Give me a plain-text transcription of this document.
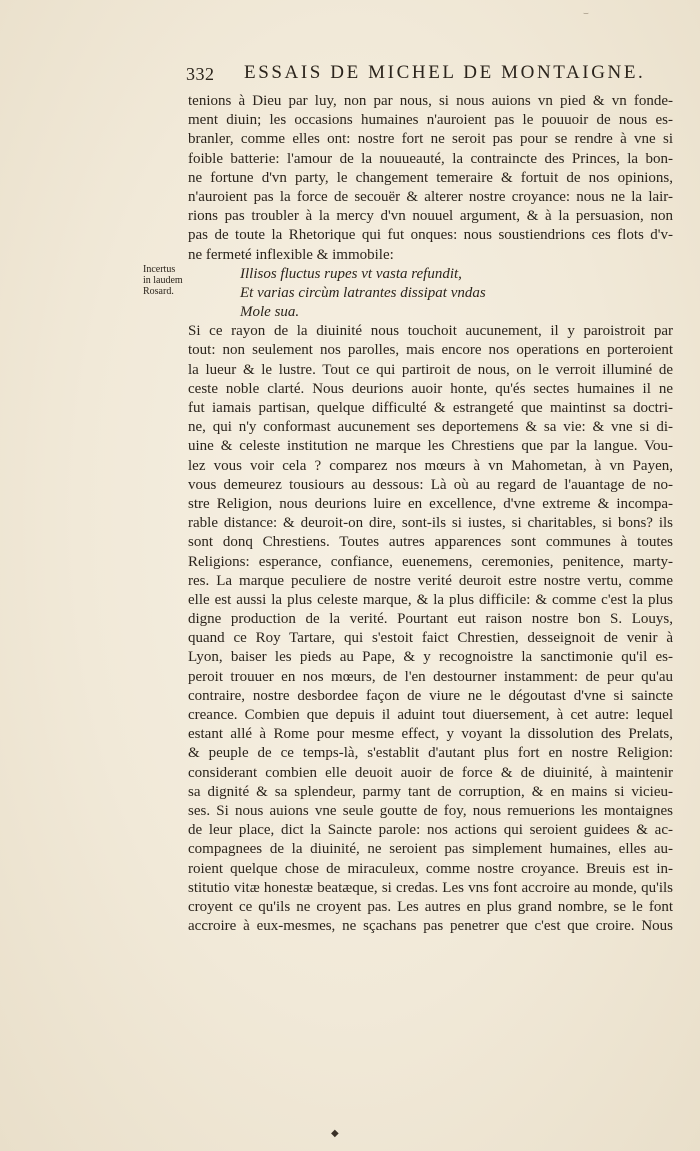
⌣
332 ESSAIS DE MICHEL DE MONTAIGNE.
Incertus
in laudem
Rosard.
tenions à Dieu par luy, non par nous, si nous auions vn pied & vn fonde-
ment diuin; les occasions humaines n'auroient pas le pouuoir de nous es-
branler, comme elles ont: nostre fort ne seroit pas pour se rendre à vne si
foible batterie: l'amour de la nouueauté, la contraincte des Princes, la bon-
ne fortune d'vn party, le changement temeraire & fortuit de nos opinions,
n'auroient pas la force de secouër & alterer nostre croyance: nous ne la lair-
rions pas troubler à la mercy d'vn nouuel argument, & à la persuasion, non
pas de toute la Rhetorique qui fut onques: nous soustiendrions ces flots d'v-
ne fermeté inflexible & immobile:
Illisos fluctus rupes vt vasta refundit,
Et varias circùm latrantes dissipat vndas
Mole sua.
Si ce rayon de la diuinité nous touchoit aucunement, il y paroistroit par
tout: non seulement nos parolles, mais encore nos operations en porteroient
la lueur & le lustre. Tout ce qui partiroit de nous, on le verroit illuminé de
ceste noble clarté. Nous deurions auoir honte, qu'és sectes humaines il ne
fut iamais partisan, quelque difficulté & estrangeté que maintinst sa doctri-
ne, qui n'y conformast aucunement ses deportemens & sa vie: & vne si di-
uine & celeste institution ne marque les Chrestiens que par la langue. Vou-
lez vous voir cela ? comparez nos mœurs à vn Mahometan, à vn Payen,
vous demeurez tousiours au dessous: Là où au regard de l'auantage de no-
stre Religion, nous deurions luire en excellence, d'vne extreme & incompa-
rable distance: & deuroit-on dire, sont-ils si iustes, si charitables, si bons? ils
sont donq Chrestiens. Toutes autres apparences sont communes à toutes
Religions: esperance, confiance, euenemens, ceremonies, penitence, marty-
res. La marque peculiere de nostre verité deuroit estre nostre vertu, comme
elle est aussi la plus celeste marque, & la plus difficile: & comme c'est la plus
digne production de la verité. Pourtant eut raison nostre bon S. Louys,
quand ce Roy Tartare, qui s'estoit faict Chrestien, desseignoit de venir à
Lyon, baiser les pieds au Pape, & y recognoistre la sanctimonie qu'il es-
peroit trouuer en nos mœurs, de l'en destourner instamment: de peur qu'au
contraire, nostre desbordee façon de viure ne le dégoutast d'vne si saincte
creance. Combien que depuis il aduint tout diuersement, à cet autre: lequel
estant allé à Rome pour mesme effect, y voyant la dissolution des Prelats,
& peuple de ce temps-là, s'establit d'autant plus fort en nostre Religion:
considerant combien elle deuoit auoir de force & de diuinité, à maintenir
sa dignité & sa splendeur, parmy tant de corruption, & en mains si vicieu-
ses. Si nous auions vne seule goutte de foy, nous remuerions les montaignes
de leur place, dict la Saincte parole: nos actions qui seroient guidees & ac-
compagnees de la diuinité, ne seroient pas simplement humaines, elles au-
roient quelque chose de miraculeux, comme nostre croyance. Breuis est in-
stitutio vitæ honestæ beatæque, si credas. Les vns font accroire au monde, qu'ils
croyent ce qu'ils ne croyent pas. Les autres en plus grand nombre, se le font
accroire à eux-mesmes, ne sçachans pas penetrer que c'est que croire. Nous
◆
